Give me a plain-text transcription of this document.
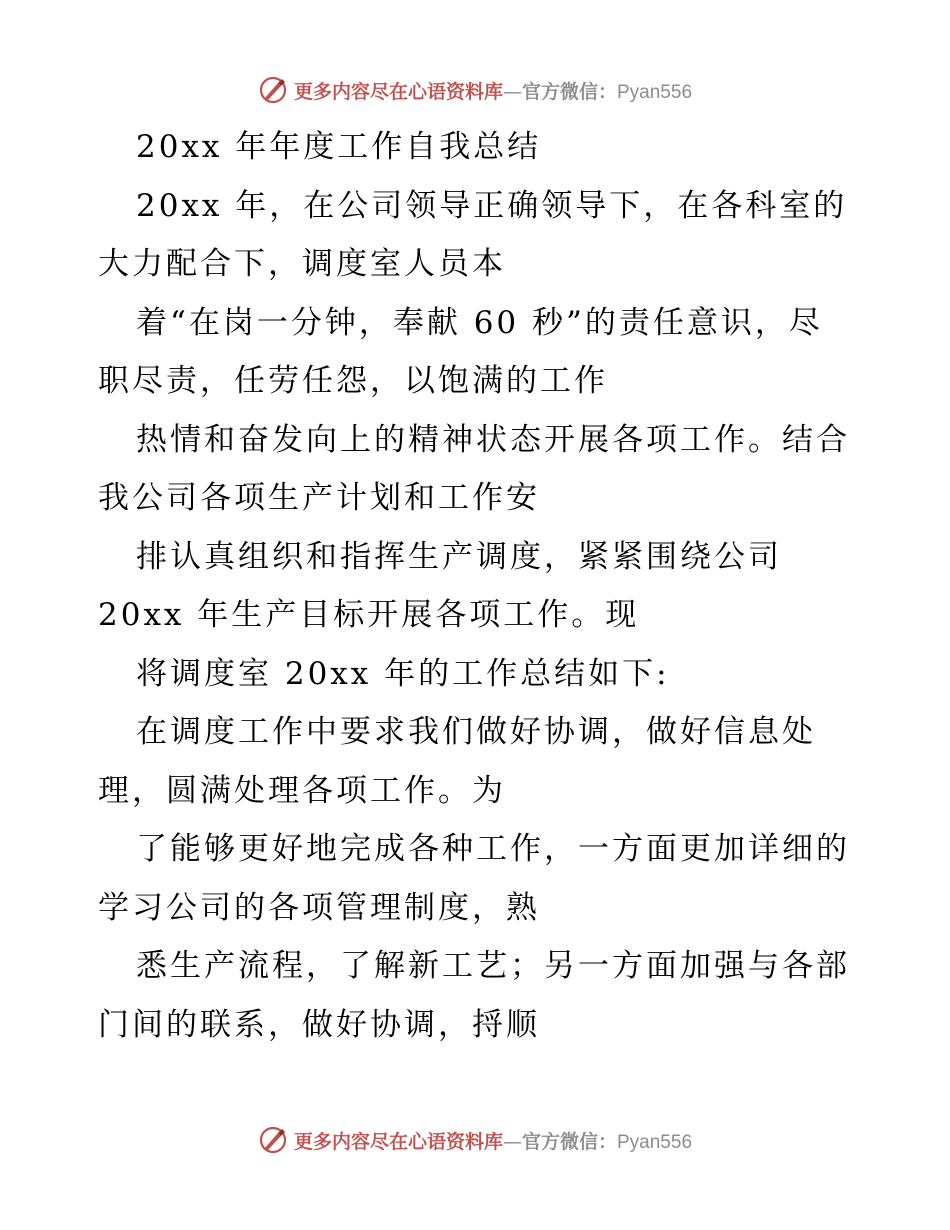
更多内容尽在心语资料库—官方微信：Pyan556
20xx 年年度工作自我总结
20xx 年，在公司领导正确领导下，在各科室的
大力配合下，调度室人员本
着“在岗一分钟，奉献 60 秒”的责任意识，尽
职尽责，任劳任怨，以饱满的工作
热情和奋发向上的精神状态开展各项工作。结合
我公司各项生产计划和工作安
排认真组织和指挥生产调度，紧紧围绕公司
20xx 年生产目标开展各项工作。现
将调度室 20xx 年的工作总结如下:
在调度工作中要求我们做好协调，做好信息处
理，圆满处理各项工作。为
了能够更好地完成各种工作，一方面更加详细的
学习公司的各项管理制度，熟
悉生产流程，了解新工艺；另一方面加强与各部
门间的联系，做好协调，捋顺
更多内容尽在心语资料库—官方微信：Pyan556
